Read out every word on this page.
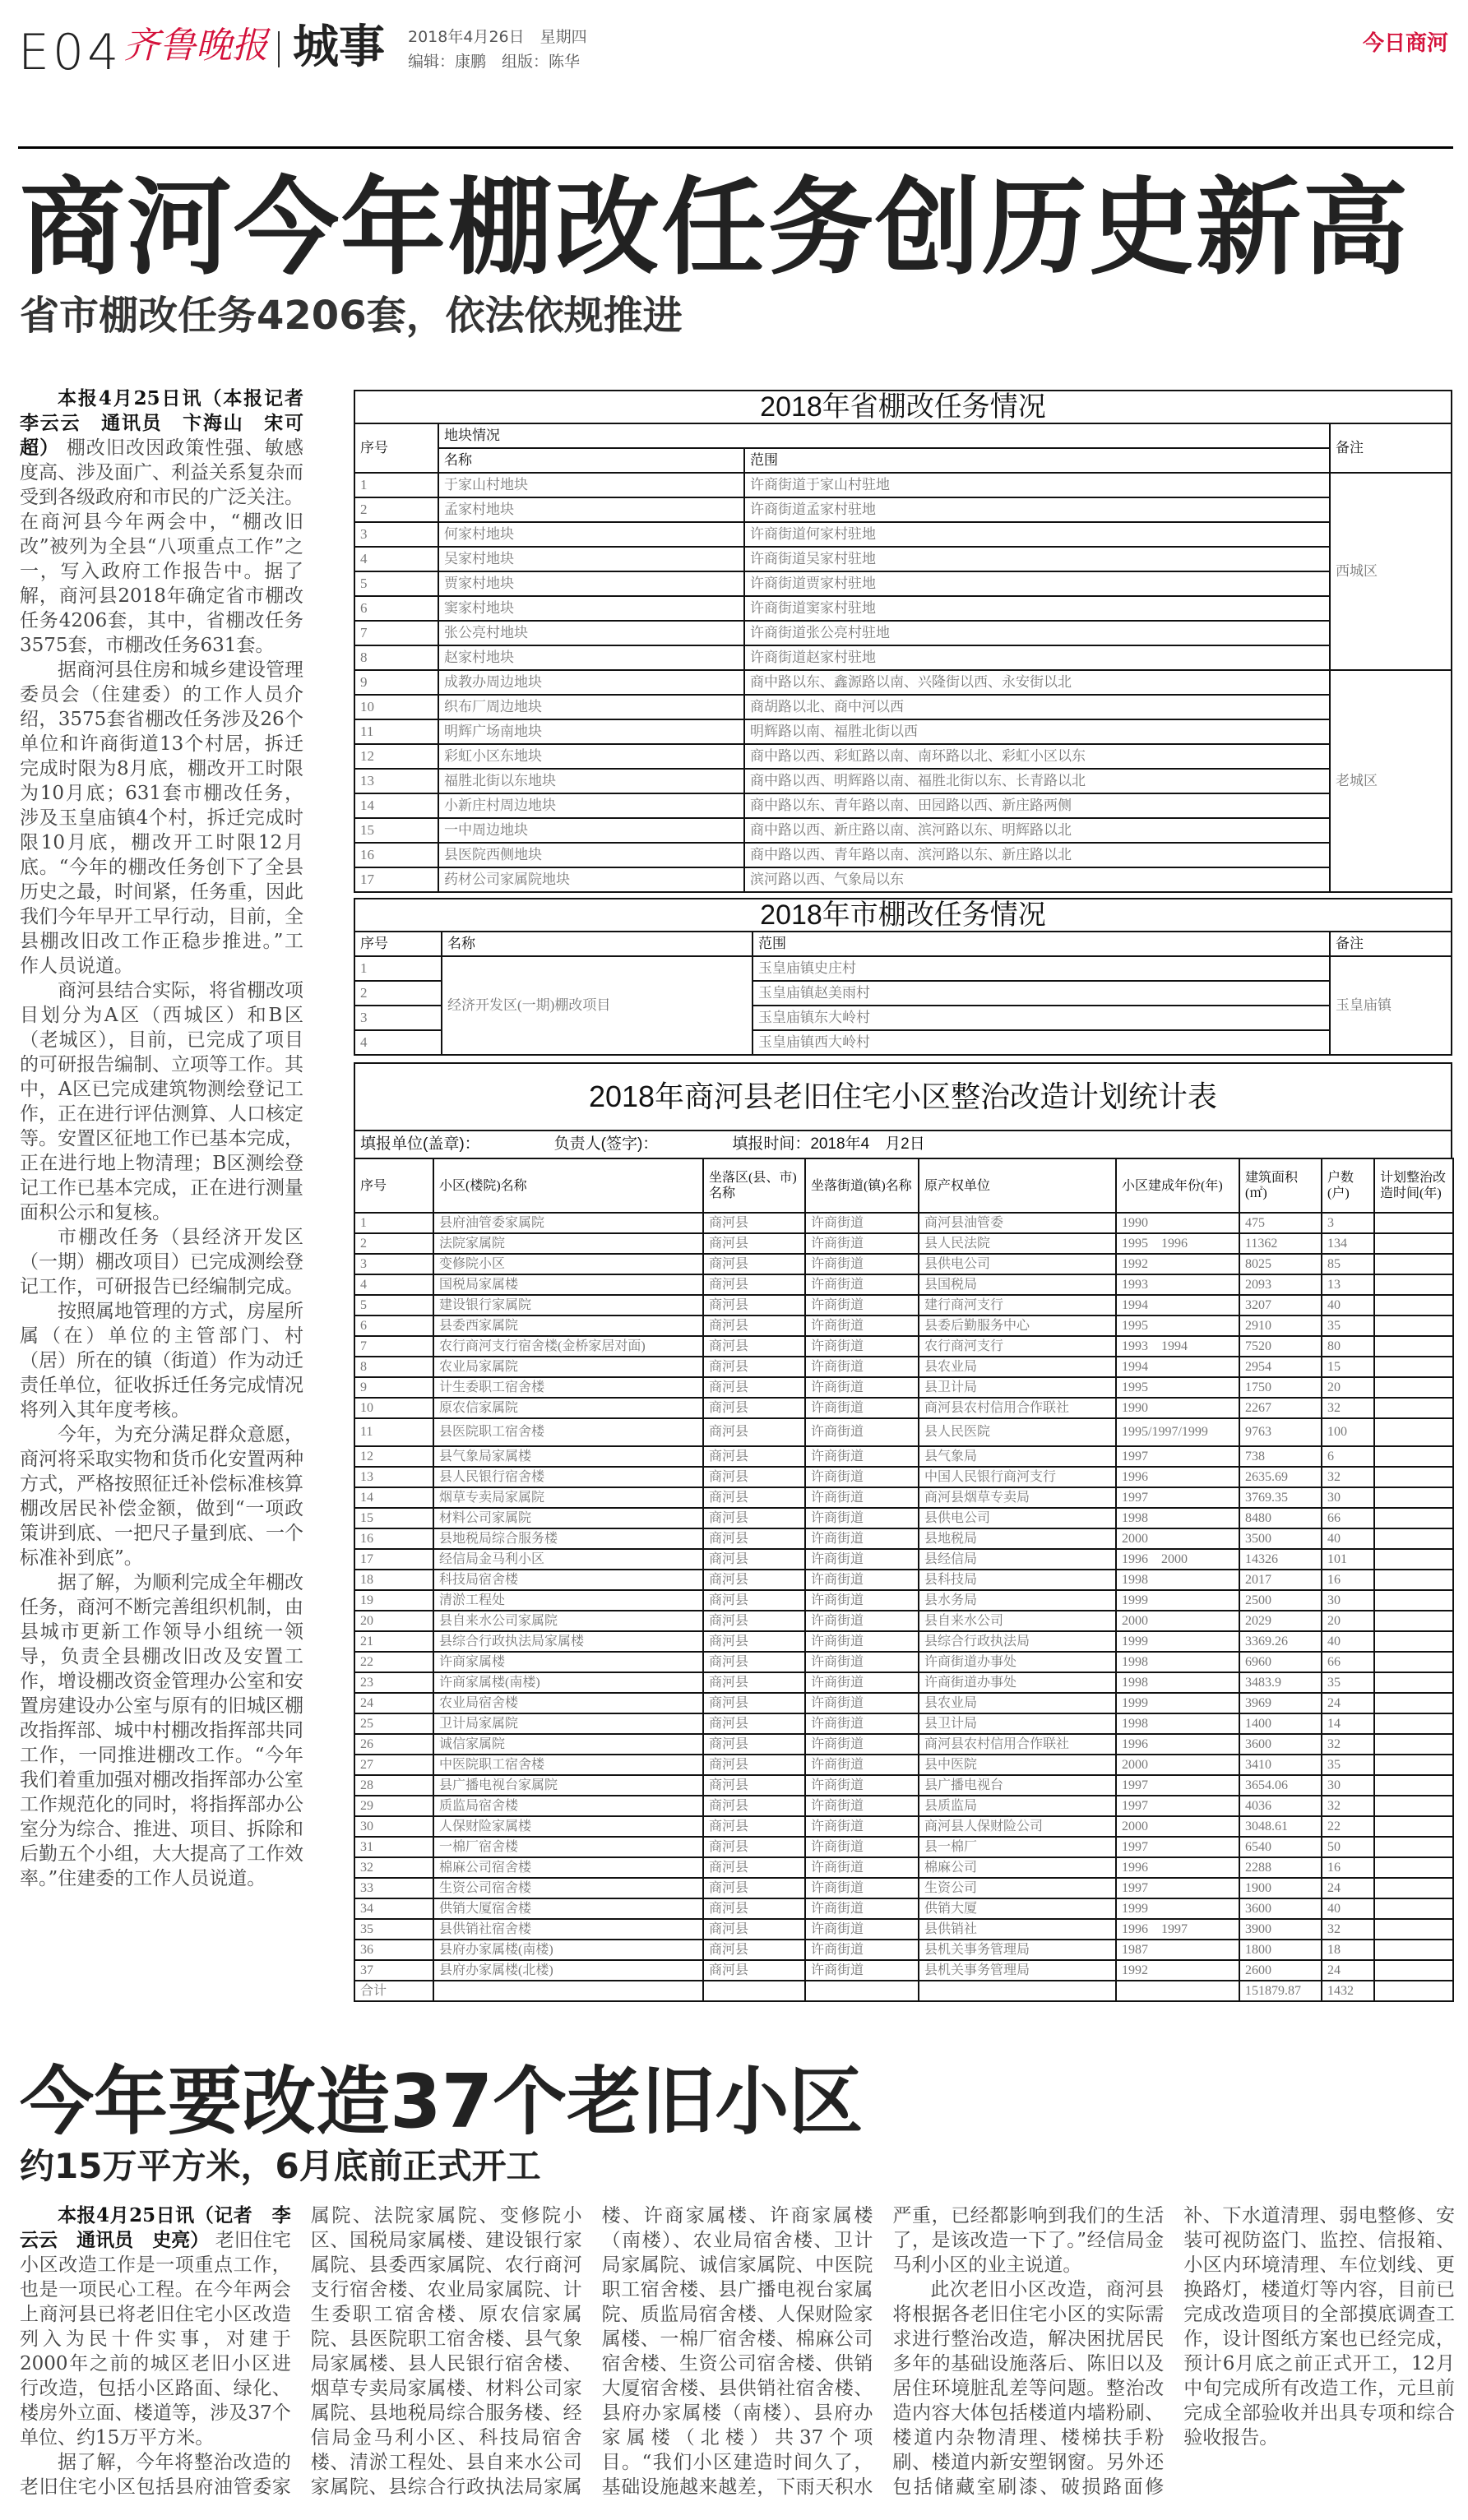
E04 齐鲁晚报 城事 2018年4月26日　星期四
编辑：康鹏　组版：陈华
今日商河
商河今年棚改任务创历史新高
省市棚改任务4206套，依法依规推进

本报4月25日讯（本报记者　李云云　通讯员　卞海山　宋可超） 棚改旧改因政策性强、敏感度高、涉及面广、利益关系复杂而受到各级政府和市民的广泛关注。在商河县今年两会中，“棚改旧改”被列为全县“八项重点工作”之一，写入政府工作报告中。据了解，商河县2018年确定省市棚改任务4206套，其中，省棚改任务3575套，市棚改任务631套。

据商河县住房和城乡建设管理委员会（住建委）的工作人员介绍，3575套省棚改任务涉及26个单位和许商街道13个村居，拆迁完成时限为8月底，棚改开工时限为10月底；631套市棚改任务，涉及玉皇庙镇4个村，拆迁完成时限10月底，棚改开工时限12月底。“今年的棚改任务创下了全县历史之最，时间紧，任务重，因此我们今年早开工早行动，目前，全县棚改旧改工作正稳步推进。”工作人员说道。

商河县结合实际，将省棚改项目划分为A区（西城区）和B区（老城区），目前，已完成了项目的可研报告编制、立项等工作。其中，A区已完成建筑物测绘登记工作，正在进行评估测算、人口核定等。安置区征地工作已基本完成，正在进行地上物清理；B区测绘登记工作已基本完成，正在进行测量面积公示和复核。

市棚改任务（县经济开发区（一期）棚改项目）已完成测绘登记工作，可研报告已经编制完成。

按照属地管理的方式，房屋所属（在）单位的主管部门、村（居）所在的镇（街道）作为动迁责任单位，征收拆迁任务完成情况将列入其年度考核。

今年，为充分满足群众意愿，商河将采取实物和货币化安置两种方式，严格按照征迁补偿标准核算棚改居民补偿金额，做到“一项政策讲到底、一把尺子量到底、一个标准补到底”。

据了解，为顺利完成全年棚改任务，商河不断完善组织机制，由县城市更新工作领导小组统一领导，负责全县棚改旧改及安置工作，增设棚改资金管理办公室和安置房建设办公室与原有的旧城区棚改指挥部、城中村棚改指挥部共同工作，一同推进棚改工作。“今年我们着重加强对棚改指挥部办公室工作规范化的同时，将指挥部办公室分为综合、推进、项目、拆除和后勤五个小组，大大提高了工作效率。”住建委的工作人员说道。

2018年省棚改任务情况			
序号	地块情况		备注
	名称	范围	
1	于家山村地块	许商街道于家山村驻地	西城区
2	孟家村地块	许商街道孟家村驻地	
3	何家村地块	许商街道何家村驻地	
4	吴家村地块	许商街道吴家村驻地	
5	贾家村地块	许商街道贾家村驻地	
6	窦家村地块	许商街道窦家村驻地	
7	张公亮村地块	许商街道张公亮村驻地	
8	赵家村地块	许商街道赵家村驻地	
9	成教办周边地块	商中路以东、鑫源路以南、兴隆街以西、永安街以北	老城区
10	织布厂周边地块	商胡路以北、商中河以西	
11	明辉广场南地块	明辉路以南、福胜北街以西	
12	彩虹小区东地块	商中路以西、彩虹路以南、南环路以北、彩虹小区以东	
13	福胜北街以东地块	商中路以西、明辉路以南、福胜北街以东、长青路以北	
14	小新庄村周边地块	商中路以东、青年路以南、田园路以西、新庄路两侧	
15	一中周边地块	商中路以西、新庄路以南、滨河路以东、明辉路以北	
16	县医院西侧地块	商中路以西、青年路以南、滨河路以东、新庄路以北	
17	药材公司家属院地块	滨河路以西、气象局以东	
2018年市棚改任务情况			
序号	名称	范围	备注
1	经济开发区(一期)棚改项目	玉皇庙镇史庄村	玉皇庙镇
2		玉皇庙镇赵美雨村	
3		玉皇庙镇东大岭村	
4		玉皇庙镇西大岭村	
2018年商河县老旧住宅小区整治改造计划统计表
填报单位(盖章)：	负责人(签字)：	填报时间：2018年4　月2日
序号	小区(楼院)名称	坐落区(县、市)名称	坐落街道(镇)名称	原产权单位	小区建成年份(年)	建筑面积(㎡)	户数(户)	计划整治改造时间(年)
1	县府油管委家属院	商河县	许商街道	商河县油管委	1990	475	3	
2	法院家属院	商河县	许商街道	县人民法院	1995　1996	11362	134	
3	变修院小区	商河县	许商街道	县供电公司	1992	8025	85	
4	国税局家属楼	商河县	许商街道	县国税局	1993	2093	13	
5	建设银行家属院	商河县	许商街道	建行商河支行	1994	3207	40	
6	县委西家属院	商河县	许商街道	县委后勤服务中心	1995	2910	35	
7	农行商河支行宿舍楼(金桥家居对面)	商河县	许商街道	农行商河支行	1993　1994	7520	80	
8	农业局家属院	商河县	许商街道	县农业局	1994	2954	15	
9	计生委职工宿舍楼	商河县	许商街道	县卫计局	1995	1750	20	
10	原农信家属院	商河县	许商街道	商河县农村信用合作联社	1990	2267	32	
11	县医院职工宿舍楼	商河县	许商街道	县人民医院	1995/1997/1999	9763	100	
12	县气象局家属楼	商河县	许商街道	县气象局	1997	738	6	
13	县人民银行宿舍楼	商河县	许商街道	中国人民银行商河支行	1996	2635.69	32	
14	烟草专卖局家属院	商河县	许商街道	商河县烟草专卖局	1997	3769.35	30	
15	材料公司家属院	商河县	许商街道	县供电公司	1998	8480	66	
16	县地税局综合服务楼	商河县	许商街道	县地税局	2000	3500	40	
17	经信局金马利小区	商河县	许商街道	县经信局	1996　2000	14326	101	
18	科技局宿舍楼	商河县	许商街道	县科技局	1998	2017	16	
19	清淤工程处	商河县	许商街道	县水务局	1999	2500	30	
20	县自来水公司家属院	商河县	许商街道	县自来水公司	2000	2029	20	
21	县综合行政执法局家属楼	商河县	许商街道	县综合行政执法局	1999	3369.26	40	
22	许商家属楼	商河县	许商街道	许商街道办事处	1998	6960	66	
23	许商家属楼(南楼)	商河县	许商街道	许商街道办事处	1998	3483.9	35	
24	农业局宿舍楼	商河县	许商街道	县农业局	1999	3969	24	
25	卫计局家属院	商河县	许商街道	县卫计局	1998	1400	14	
26	诚信家属院	商河县	许商街道	商河县农村信用合作联社	1996	3600	32	
27	中医院职工宿舍楼	商河县	许商街道	县中医院	2000	3410	35	
28	县广播电视台家属院	商河县	许商街道	县广播电视台	1997	3654.06	30	
29	质监局宿舍楼	商河县	许商街道	县质监局	1997	4036	32	
30	人保财险家属楼	商河县	许商街道	商河县人保财险公司	2000	3048.61	22	
31	一棉厂宿舍楼	商河县	许商街道	县一棉厂	1997	6540	50	
32	棉麻公司宿舍楼	商河县	许商街道	棉麻公司	1996	2288	16	
33	生资公司宿舍楼	商河县	许商街道	生资公司	1997	1900	24	
34	供销大厦宿舍楼	商河县	许商街道	供销大厦	1999	3600	40	
35	县供销社宿舍楼	商河县	许商街道	县供销社	1996　1997	3900	32	
36	县府办家属楼(南楼)	商河县	许商街道	县机关事务管理局	1987	1800	18	
37	县府办家属楼(北楼)	商河县	许商街道	县机关事务管理局	1992	2600	24	
合计						151879.87	1432	
今年要改造37个老旧小区
约15万平方米，6月底前正式开工

本报4月25日讯（记者　李云云　通讯员　史亮） 老旧住宅小区改造工作是一项重点工作，也是一项民心工程。在今年两会上商河县已将老旧住宅小区改造列入为民十件实事，对建于2000年之前的城区老旧小区进行改造，包括小区路面、绿化、楼房外立面、楼道等，涉及37个单位、约15万平方米。

据了解，今年将整治改造的老旧住宅小区包括县府油管委家属院、法院家属院、变修院小区、国税局家属楼、建设银行家属院、县委西家属院、农行商河支行宿舍楼、农业局家属院、计生委职工宿舍楼、原农信家属院、县医院职工宿舍楼、县气象局家属楼、县人民银行宿舍楼、烟草专卖局家属楼、材料公司家属院、县地税局综合服务楼、经信局金马利小区、科技局宿舍楼、清淤工程处、县自来水公司家属院、县综合行政执法局家属楼、许商家属楼、许商家属楼（南楼）、农业局宿舍楼、卫计局家属院、诚信家属院、中医院职工宿舍楼、县广播电视台家属院、质监局宿舍楼、人保财险家属楼、一棉厂宿舍楼、棉麻公司宿舍楼、生资公司宿舍楼、供销大厦宿舍楼、县供销社宿舍楼、县府办家属楼（南楼）、县府办家属楼（北楼）共37个项目。“我们小区建造时间久了，基础设施越来越差，下雨天积水严重，已经都影响到我们的生活了，是该改造一下了。”经信局金马利小区的业主说道。

此次老旧小区改造，商河县将根据各老旧住宅小区的实际需求进行整治改造，解决困扰居民多年的基础设施落后、陈旧以及居住环境脏乱差等问题。整治改造内容大体包括楼道内墙粉刷、楼道内杂物清理、楼梯扶手粉刷、楼道内新安塑钢窗。另外还包括储藏室刷漆、破损路面修补、下水道清理、弱电整修、安装可视防盗门、监控、信报箱、小区内环境清理、车位划线、更换路灯，楼道灯等内容，目前已完成改造项目的全部摸底调查工作，设计图纸方案也已经完成，预计6月底之前正式开工，12月中旬完成所有改造工作，元旦前完成全部验收并出具专项和综合验收报告。
